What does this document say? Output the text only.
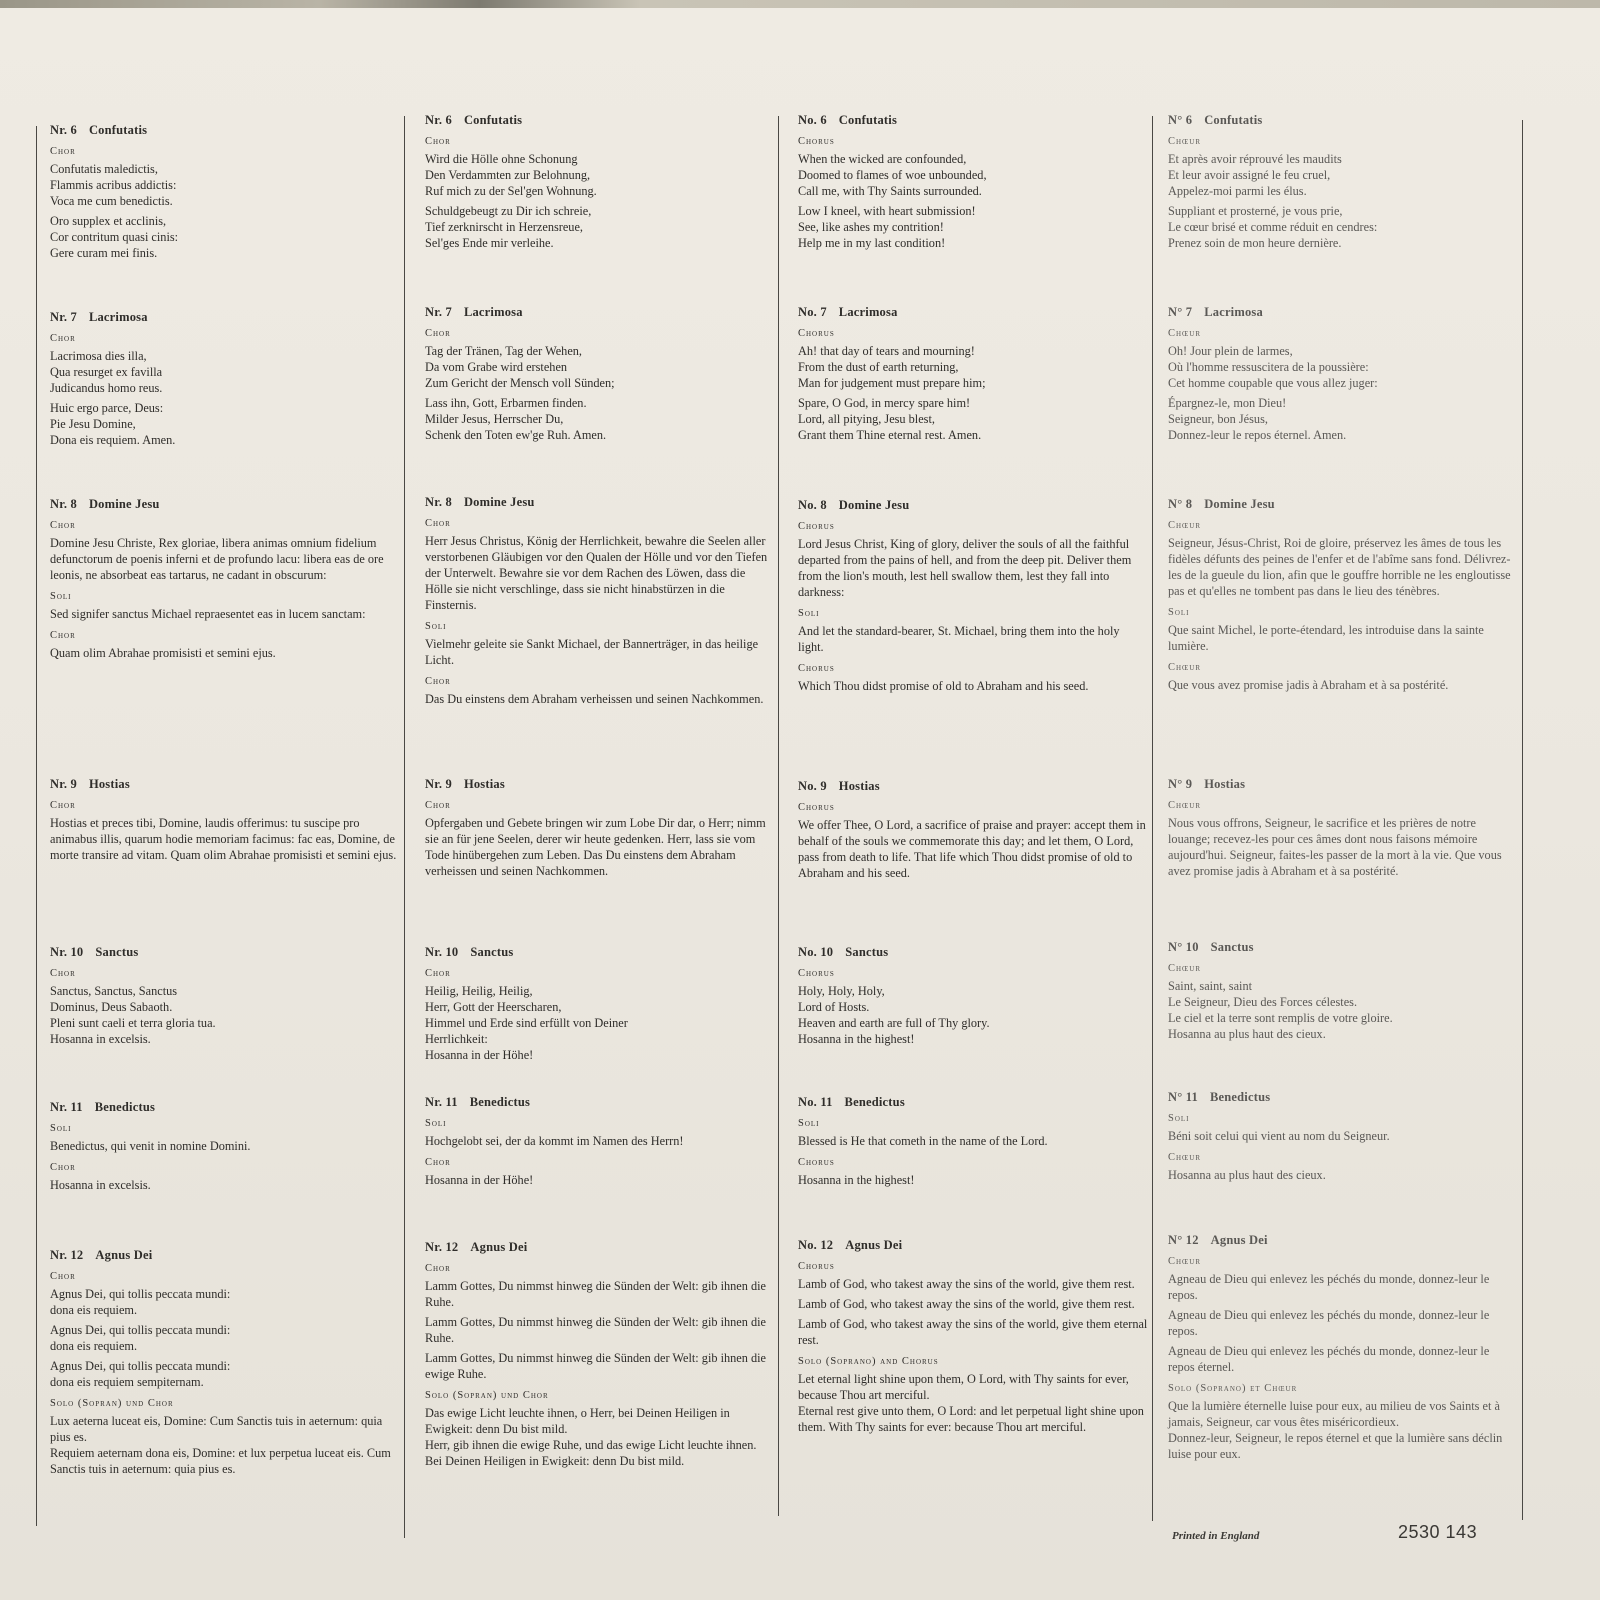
Nr. 6 Confutatis
Chor
Confutatis maledictis,
Flammis acribus addictis:
Voca me cum benedictis.
Oro supplex et acclinis,
Cor contritum quasi cinis:
Gere curam mei finis.
Nr. 7 Lacrimosa
Chor
Lacrimosa dies illa,
Qua resurget ex favilla
Judicandus homo reus.
Huic ergo parce, Deus:
Pie Jesu Domine,
Dona eis requiem. Amen.
Nr. 8 Domine Jesu
Chor
Domine Jesu Christe, Rex gloriae, libera animas omnium fidelium defunctorum de poenis inferni et de profundo lacu: libera eas de ore leonis, ne absorbeat eas tartarus, ne cadant in obscurum:
Soli
Sed signifer sanctus Michael repraesentet eas in lucem sanctam:
Chor
Quam olim Abrahae promisisti et semini ejus.
Nr. 9 Hostias
Chor
Hostias et preces tibi, Domine, laudis offerimus: tu suscipe pro animabus illis, quarum hodie memoriam facimus: fac eas, Domine, de morte transire ad vitam. Quam olim Abrahae promisisti et semini ejus.
Nr. 10 Sanctus
Chor
Sanctus, Sanctus, Sanctus
Dominus, Deus Sabaoth.
Pleni sunt caeli et terra gloria tua.
Hosanna in excelsis.
Nr. 11 Benedictus
Soli
Benedictus, qui venit in nomine Domini.
Chor
Hosanna in excelsis.
Nr. 12 Agnus Dei
Chor
Agnus Dei, qui tollis peccata mundi:
dona eis requiem.
Agnus Dei, qui tollis peccata mundi:
dona eis requiem.
Agnus Dei, qui tollis peccata mundi:
dona eis requiem sempiternam.
Solo (Sopran) und Chor
Lux aeterna luceat eis, Domine: Cum Sanctis tuis in aeternum: quia pius es.
Requiem aeternam dona eis, Domine: et lux perpetua luceat eis. Cum Sanctis tuis in aeternum: quia pius es.
Nr. 6 Confutatis
Chor
Wird die Hölle ohne Schonung
Den Verdammten zur Belohnung,
Ruf mich zu der Sel'gen Wohnung.
Schuldgebeugt zu Dir ich schreie,
Tief zerknirscht in Herzensreue,
Sel'ges Ende mir verleihe.
Nr. 7 Lacrimosa
Chor
Tag der Tränen, Tag der Wehen,
Da vom Grabe wird erstehen
Zum Gericht der Mensch voll Sünden;
Lass ihn, Gott, Erbarmen finden.
Milder Jesus, Herrscher Du,
Schenk den Toten ew'ge Ruh. Amen.
Nr. 8 Domine Jesu
Chor
Herr Jesus Christus, König der Herrlichkeit, bewahre die Seelen aller verstorbenen Gläubigen vor den Qualen der Hölle und vor den Tiefen der Unterwelt. Bewahre sie vor dem Rachen des Löwen, dass die Hölle sie nicht verschlinge, dass sie nicht hinabstürzen in die Finsternis.
Soli
Vielmehr geleite sie Sankt Michael, der Bannerträger, in das heilige Licht.
Chor
Das Du einstens dem Abraham verheissen und seinen Nachkommen.
Nr. 9 Hostias
Chor
Opfergaben und Gebete bringen wir zum Lobe Dir dar, o Herr; nimm sie an für jene Seelen, derer wir heute gedenken. Herr, lass sie vom Tode hinübergehen zum Leben. Das Du einstens dem Abraham verheissen und seinen Nachkommen.
Nr. 10 Sanctus
Chor
Heilig, Heilig, Heilig,
Herr, Gott der Heerscharen,
Himmel und Erde sind erfüllt von Deiner
Herrlichkeit:
Hosanna in der Höhe!
Nr. 11 Benedictus
Soli
Hochgelobt sei, der da kommt im Namen des Herrn!
Chor
Hosanna in der Höhe!
Nr. 12 Agnus Dei
Chor
Lamm Gottes, Du nimmst hinweg die Sünden der Welt: gib ihnen die Ruhe.
Lamm Gottes, Du nimmst hinweg die Sünden der Welt: gib ihnen die Ruhe.
Lamm Gottes, Du nimmst hinweg die Sünden der Welt: gib ihnen die ewige Ruhe.
Solo (Sopran) und Chor
Das ewige Licht leuchte ihnen, o Herr, bei Deinen Heiligen in Ewigkeit: denn Du bist mild.
Herr, gib ihnen die ewige Ruhe, und das ewige Licht leuchte ihnen. Bei Deinen Heiligen in Ewigkeit: denn Du bist mild.
No. 6 Confutatis
Chorus
When the wicked are confounded,
Doomed to flames of woe unbounded,
Call me, with Thy Saints surrounded.
Low I kneel, with heart submission!
See, like ashes my contrition!
Help me in my last condition!
No. 7 Lacrimosa
Chorus
Ah! that day of tears and mourning!
From the dust of earth returning,
Man for judgement must prepare him;
Spare, O God, in mercy spare him!
Lord, all pitying, Jesu blest,
Grant them Thine eternal rest. Amen.
No. 8 Domine Jesu
Chorus
Lord Jesus Christ, King of glory, deliver the souls of all the faithful departed from the pains of hell, and from the deep pit. Deliver them from the lion's mouth, lest hell swallow them, lest they fall into darkness:
Soli
And let the standard-bearer, St. Michael, bring them into the holy light.
Chorus
Which Thou didst promise of old to Abraham and his seed.
No. 9 Hostias
Chorus
We offer Thee, O Lord, a sacrifice of praise and prayer: accept them in behalf of the souls we commemorate this day; and let them, O Lord, pass from death to life. That life which Thou didst promise of old to Abraham and his seed.
No. 10 Sanctus
Chorus
Holy, Holy, Holy,
Lord of Hosts.
Heaven and earth are full of Thy glory.
Hosanna in the highest!
No. 11 Benedictus
Soli
Blessed is He that cometh in the name of the Lord.
Chorus
Hosanna in the highest!
No. 12 Agnus Dei
Chorus
Lamb of God, who takest away the sins of the world, give them rest.
Lamb of God, who takest away the sins of the world, give them rest.
Lamb of God, who takest away the sins of the world, give them eternal rest.
Solo (Soprano) and Chorus
Let eternal light shine upon them, O Lord, with Thy saints for ever, because Thou art merciful.
Eternal rest give unto them, O Lord: and let perpetual light shine upon them. With Thy saints for ever: because Thou art merciful.
N° 6 Confutatis
Chœur
Et après avoir réprouvé les maudits
Et leur avoir assigné le feu cruel,
Appelez-moi parmi les élus.
Suppliant et prosterné, je vous prie,
Le cœur brisé et comme réduit en cendres:
Prenez soin de mon heure dernière.
N° 7 Lacrimosa
Chœur
Oh! Jour plein de larmes,
Où l'homme ressuscitera de la poussière:
Cet homme coupable que vous allez juger:
Épargnez-le, mon Dieu!
Seigneur, bon Jésus,
Donnez-leur le repos éternel. Amen.
N° 8 Domine Jesu
Chœur
Seigneur, Jésus-Christ, Roi de gloire, préservez les âmes de tous les fidèles défunts des peines de l'enfer et de l'abîme sans fond. Délivrez-les de la gueule du lion, afin que le gouffre horrible ne les engloutisse pas et qu'elles ne tombent pas dans le lieu des ténèbres.
Soli
Que saint Michel, le porte-étendard, les introduise dans la sainte lumière.
Chœur
Que vous avez promise jadis à Abraham et à sa postérité.
N° 9 Hostias
Chœur
Nous vous offrons, Seigneur, le sacrifice et les prières de notre louange; recevez-les pour ces âmes dont nous faisons mémoire aujourd'hui. Seigneur, faites-les passer de la mort à la vie. Que vous avez promise jadis à Abraham et à sa postérité.
N° 10 Sanctus
Chœur
Saint, saint, saint
Le Seigneur, Dieu des Forces célestes.
Le ciel et la terre sont remplis de votre gloire.
Hosanna au plus haut des cieux.
N° 11 Benedictus
Soli
Béni soit celui qui vient au nom du Seigneur.
Chœur
Hosanna au plus haut des cieux.
N° 12 Agnus Dei
Chœur
Agneau de Dieu qui enlevez les péchés du monde, donnez-leur le repos.
Agneau de Dieu qui enlevez les péchés du monde, donnez-leur le repos.
Agneau de Dieu qui enlevez les péchés du monde, donnez-leur le repos éternel.
Solo (Soprano) et Chœur
Que la lumière éternelle luise pour eux, au milieu de vos Saints et à jamais, Seigneur, car vous êtes miséricordieux.
Donnez-leur, Seigneur, le repos éternel et que la lumière sans déclin luise pour eux.
Printed in England	2530 143
